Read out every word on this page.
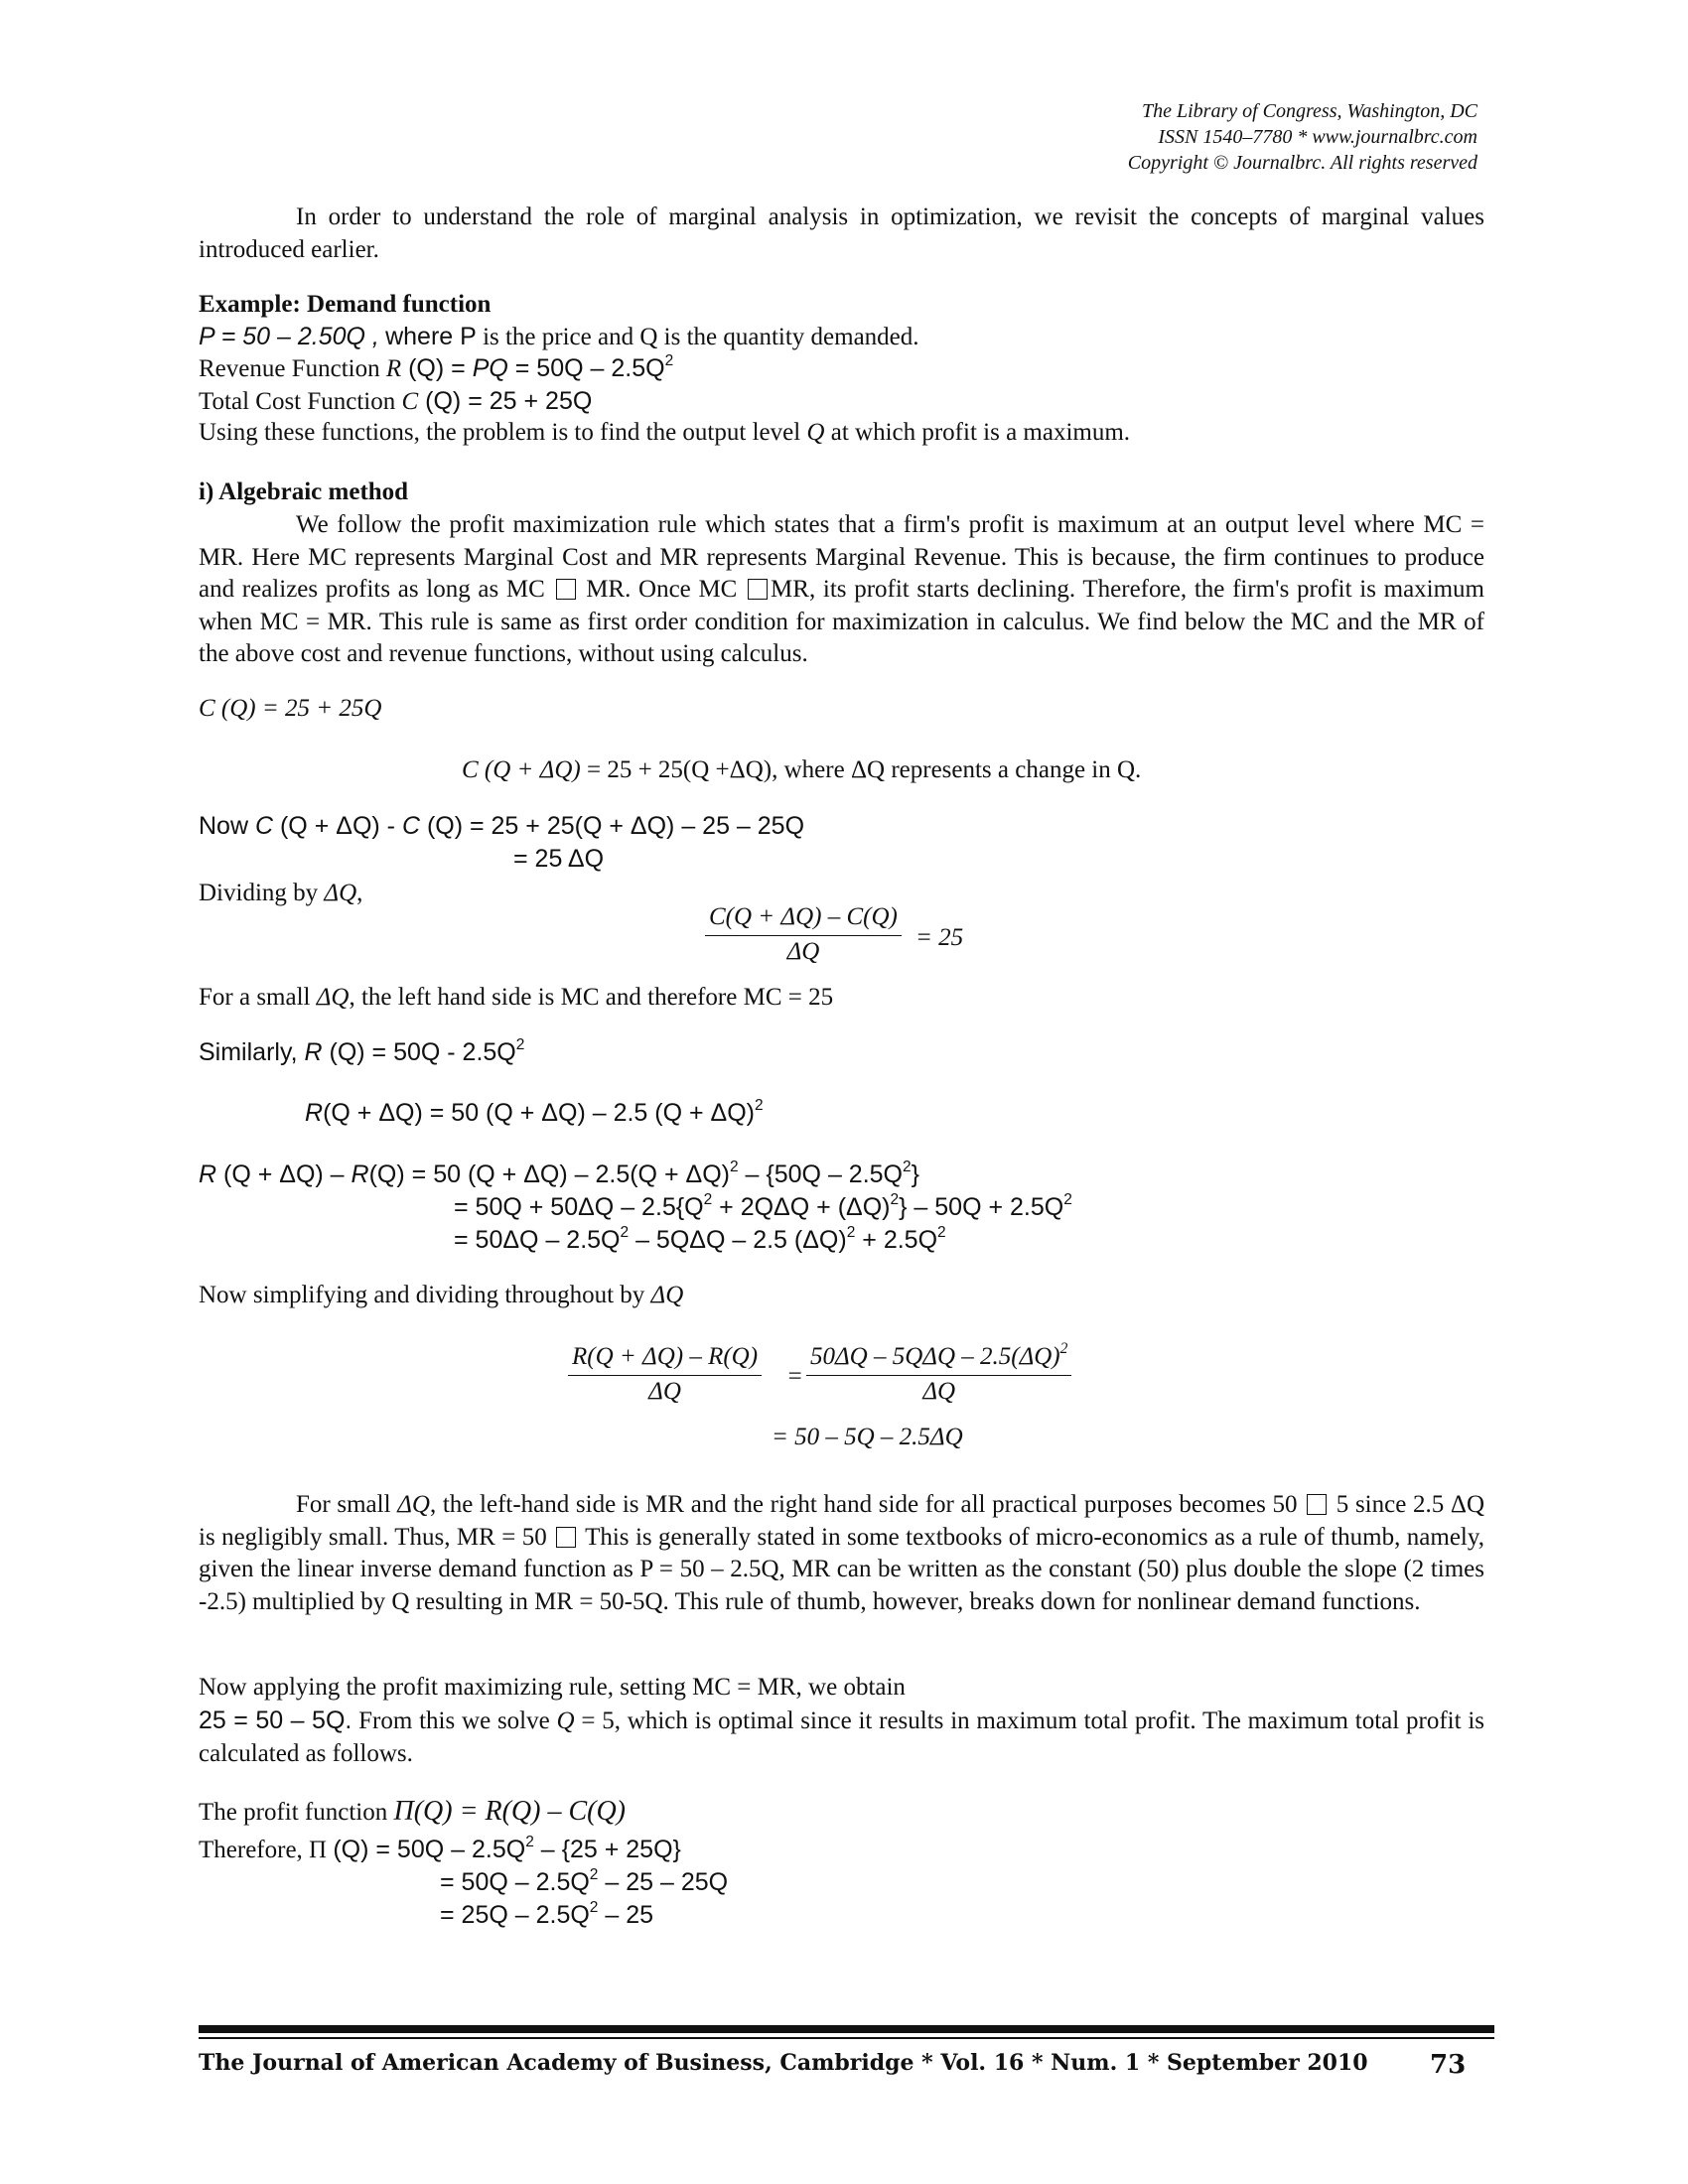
The Library of Congress, Washington, DC
ISSN 1540–7780 * www.journalbrc.com
Copyright © Journalbrc. All rights reserved
In order to understand the role of marginal analysis in optimization, we revisit the concepts of marginal values introduced earlier.
Example: Demand function
P = 50 – 2.50Q , where P is the price and Q is the quantity demanded.
Revenue Function R (Q) = PQ = $50Q - 2.5Q^2$
Total Cost Function C (Q) = 25 + 25Q
Using these functions, the problem is to find the output level Q at which profit is a maximum.
i) Algebraic method
We follow the profit maximization rule which states that a firm's profit is maximum at an output level where MC = MR. Here MC represents Marginal Cost and MR represents Marginal Revenue. This is because, the firm continues to produce and realizes profits as long as MC MR. Once MC MR, its profit starts declining. Therefore, the firm's profit is maximum when MC = MR. This rule is same as first order condition for maximization in calculus. We find below the MC and the MR of the above cost and revenue functions, without using calculus.
C (Q) = 25 + 25Q
C (Q + ΔQ) = 25 + 25(Q +ΔQ), where ΔQ represents a change in Q.
Now C (Q + ΔQ) - C (Q) = 25 + 25(Q + ΔQ) – 25 – 25Q
= 25 ΔQ
Dividing by ΔQ,
$\frac{C(Q + \Delta Q) - C(Q)}{\Delta Q} = 25$
For a small ΔQ, the left hand side is MC and therefore MC = 25
Similarly, R $(Q) = 50Q - 2.5Q^2$
R(Q + ΔQ) = 50 (Q + ΔQ) – 2.5 $(Q + \Delta Q)^2$
R (Q + ΔQ) – R(Q) = 50 $(Q + \Delta Q) - 2.5(Q + \Delta Q)^2 - \{50Q - 2.5Q^2\}$
= $50Q + 50\Delta Q - 2.5\{Q^2 + 2Q\Delta Q + (\Delta Q)^2\} - 50Q + 2.5Q^2$
= $50\Delta Q - 2.5Q^2 - 5Q\Delta Q - 2.5$ $(\Delta Q)^2 + 2.5Q^2$
Now simplifying and dividing throughout by ΔQ
$\frac{R(Q + \Delta Q) - R(Q)}{\Delta Q}$ =
$50\Delta Q - 5Q\Delta Q - 2.5(\Delta Q)^2$
ΔQ
= 50 – 5Q – 2.5ΔQ
For small ΔQ, the left-hand side is MR and the right hand side for all practical purposes becomes 50 5 since 2.5 ΔQ is negligibly small. Thus, MR = 50 This is generally stated in some textbooks of micro-economics as a rule of thumb, namely, given the linear inverse demand function as P = 50 – 2.5Q, MR can be written as the constant (50) plus double the slope (2 times -2.5) multiplied by Q resulting in MR = 50-5Q. This rule of thumb, however, breaks down for nonlinear demand functions.
Now applying the profit maximizing rule, setting MC = MR, we obtain
25 = 50 – 5Q. From this we solve Q = 5, which is optimal since it results in maximum total profit. The maximum total profit is calculated as follows.
The profit function Π(Q) = R(Q) – C(Q)
Therefore, Π $(Q) = 50Q - 2.5Q^2 - \{25 + 25Q\}$
= $50Q - 2.5Q^2 - 25 - 25Q$
= $25Q - 2.5Q^2 - 25$
The Journal of American Academy of Business, Cambridge * Vol. 16 * Num. 1 * September 2010 73
